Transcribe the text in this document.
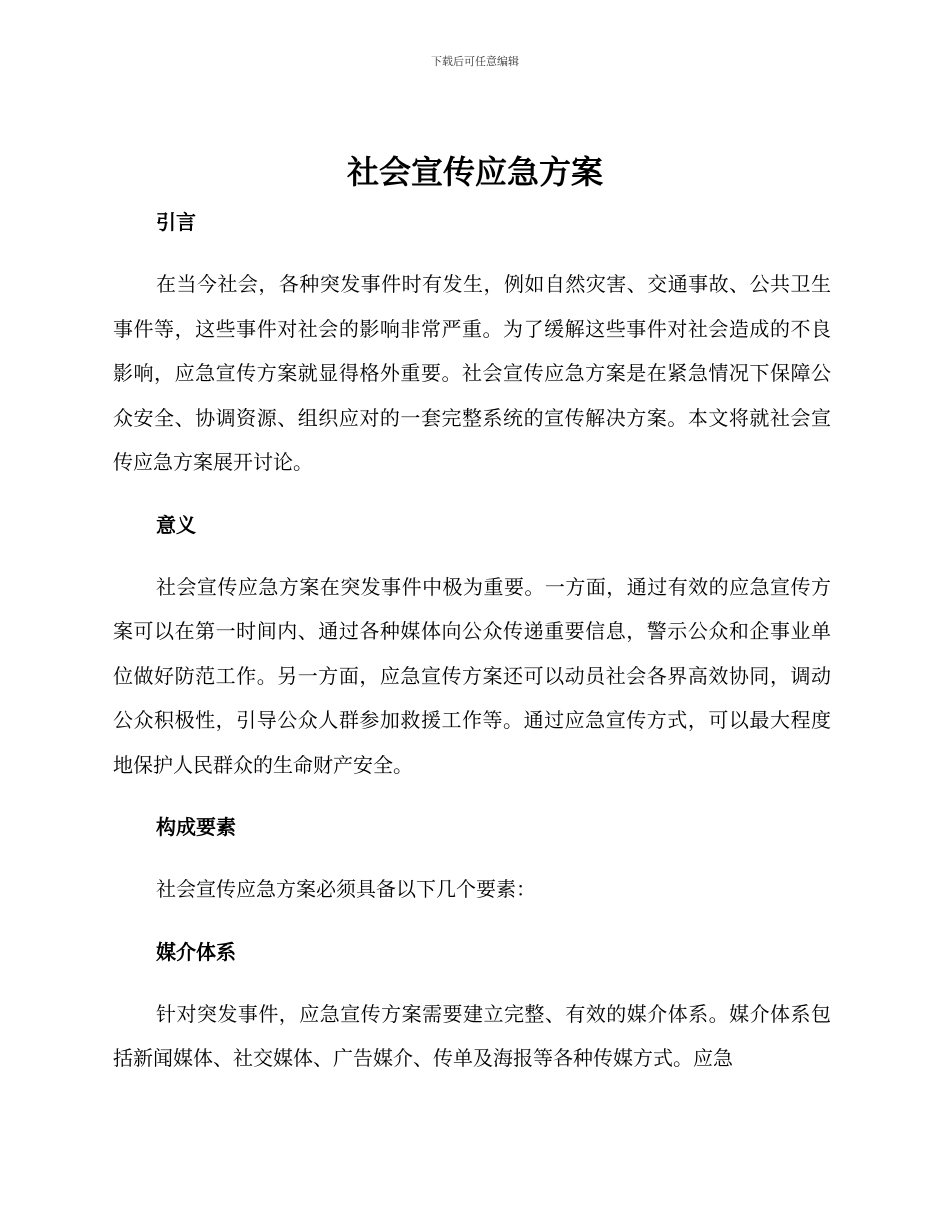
下载后可任意编辑
社会宣传应急方案
引言

在当今社会，各种突发事件时有发生，例如自然灾害、交通事故、公共卫生事件等，这些事件对社会的影响非常严重。为了缓解这些事件对社会造成的不良影响，应急宣传方案就显得格外重要。社会宣传应急方案是在紧急情况下保障公众安全、协调资源、组织应对的一套完整系统的宣传解决方案。本文将就社会宣传应急方案展开讨论。

意义

社会宣传应急方案在突发事件中极为重要。一方面，通过有效的应急宣传方案可以在第一时间内、通过各种媒体向公众传递重要信息，警示公众和企事业单位做好防范工作。另一方面，应急宣传方案还可以动员社会各界高效协同，调动公众积极性，引导公众人群参加救援工作等。通过应急宣传方式，可以最大程度地保护人民群众的生命财产安全。

构成要素

社会宣传应急方案必须具备以下几个要素：

媒介体系

针对突发事件，应急宣传方案需要建立完整、有效的媒介体系。媒介体系包括新闻媒体、社交媒体、广告媒介、传单及海报等各种传媒方式。应急
